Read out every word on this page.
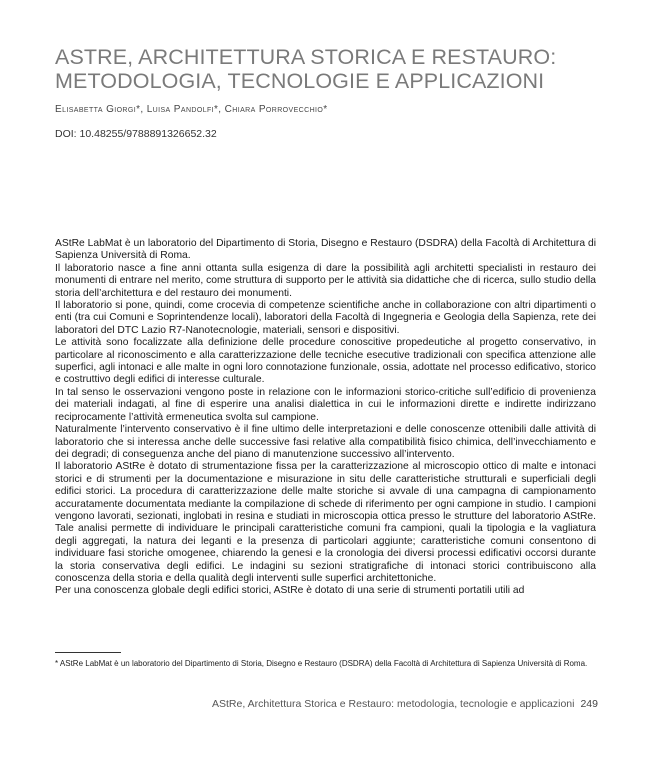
ASTRE, ARCHITETTURA STORICA E RESTAURO:
METODOLOGIA, TECNOLOGIE E APPLICAZIONI
Elisabetta Giorgi*, Luisa Pandolfi*, Chiara Porrovecchio*
DOI: 10.48255/9788891326652.32

AStRe LabMat è un laboratorio del Dipartimento di Storia, Disegno e Restauro (DSDRA) della Facoltà di Architettura di Sapienza Università di Roma.

Il laboratorio nasce a fine anni ottanta sulla esigenza di dare la possibilità agli architetti specialisti in restauro dei monumenti di entrare nel merito, come struttura di supporto per le attività sia didattiche che di ricerca, sullo studio della storia dell’architettura e del restauro dei monumenti.

Il laboratorio si pone, quindi, come crocevia di competenze scientifiche anche in collaborazione con altri dipartimenti o enti (tra cui Comuni e Soprintendenze locali), laboratori della Facoltà di Ingegneria e Geologia della Sapienza, rete dei laboratori del DTC Lazio R7-Nanotecnologie, materiali, sensori e dispositivi.

Le attività sono focalizzate alla definizione delle procedure conoscitive propedeutiche al progetto conservativo, in particolare al riconoscimento e alla caratterizzazione delle tecniche esecutive tradizionali con specifica attenzione alle superfici, agli intonaci e alle malte in ogni loro connotazione funzionale, ossia, adottate nel processo edificativo, storico e costruttivo degli edifici di interesse culturale.

In tal senso le osservazioni vengono poste in relazione con le informazioni storico-critiche sull’edificio di provenienza dei materiali indagati, al fine di esperire una analisi dialettica in cui le informazioni dirette e indirette indirizzano reciprocamente l’attività ermeneutica svolta sul campione.

Naturalmente l’intervento conservativo è il fine ultimo delle interpretazioni e delle conoscenze ottenibili dalle attività di laboratorio che si interessa anche delle successive fasi relative alla compatibilità fisico chimica, dell’invecchiamento e dei degradi; di conseguenza anche del piano di manutenzione successivo all’intervento.

Il laboratorio AStRe è dotato di strumentazione fissa per la caratterizzazione al microscopio ottico di malte e intonaci storici e di strumenti per la documentazione e misurazione in situ delle caratteristiche strutturali e superficiali degli edifici storici. La procedura di caratterizzazione delle malte storiche si avvale di una campagna di campionamento accuratamente documentata mediante la compilazione di schede di riferimento per ogni campione in studio. I campioni vengono lavorati, sezionati, inglobati in resina e studiati in microscopia ottica presso le strutture del laboratorio AStRe. Tale analisi permette di individuare le principali caratteristiche comuni fra campioni, quali la tipologia e la vagliatura degli aggregati, la natura dei leganti e la presenza di particolari aggiunte; caratteristiche comuni consentono di individuare fasi storiche omogenee, chiarendo la genesi e la cronologia dei diversi processi edificativi occorsi durante la storia conservativa degli edifici. Le indagini su sezioni stratigrafiche di intonaci storici contribuiscono alla conoscenza della storia e della qualità degli interventi sulle superfici architettoniche.

Per una conoscenza globale degli edifici storici, AStRe è dotato di una serie di strumenti portatili utili ad

* AStRe LabMat è un laboratorio del Dipartimento di Storia, Disegno e Restauro (DSDRA) della Facoltà di Architettura di Sapienza Università di Roma.
AStRe, Architettura Storica e Restauro: metodologia, tecnologie e applicazioni 249
